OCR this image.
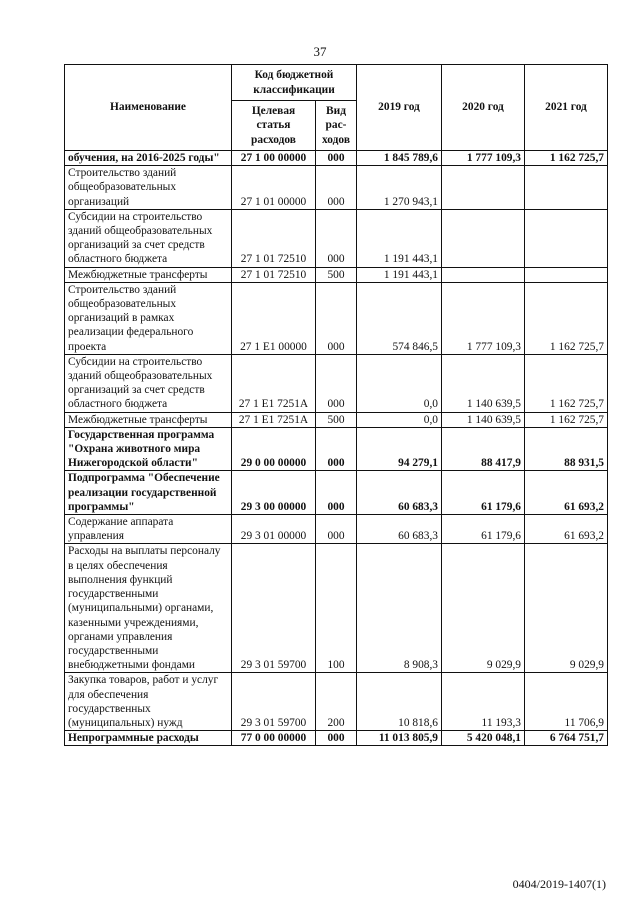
37
Наименование	Код бюджетной классификации		2019 год	2020 год	2021 год
	Целевая статья расходов	Вид рас-ходов			
обучения, на 2016-2025 годы"	27 1 00 00000	000	1 845 789,6	1 777 109,3	1 162 725,7
Строительство зданий общеобразовательных организаций	27 1 01 00000	000	1 270 943,1		
Субсидии на строительство зданий общеобразовательных организаций за счет средств областного бюджета	27 1 01 72510	000	1 191 443,1		
Межбюджетные трансферты	27 1 01 72510	500	1 191 443,1		
Строительство зданий общеобразовательных организаций в рамках реализации федерального проекта	27 1 E1 00000	000	574 846,5	1 777 109,3	1 162 725,7
Субсидии на строительство зданий общеобразовательных организаций за счет средств областного бюджета	27 1 E1 7251A	000	0,0	1 140 639,5	1 162 725,7
Межбюджетные трансферты	27 1 E1 7251A	500	0,0	1 140 639,5	1 162 725,7
Государственная программа "Охрана животного мира Нижегородской области"	29 0 00 00000	000	94 279,1	88 417,9	88 931,5
Подпрограмма "Обеспечение реализации государственной программы"	29 3 00 00000	000	60 683,3	61 179,6	61 693,2
Содержание аппарата управления	29 3 01 00000	000	60 683,3	61 179,6	61 693,2
Расходы на выплаты персоналу в целях обеспечения выполнения функций государственными (муниципальными) органами, казенными учреждениями, органами управления государственными внебюджетными фондами	29 3 01 59700	100	8 908,3	9 029,9	9 029,9
Закупка товаров, работ и услуг для обеспечения государственных (муниципальных) нужд	29 3 01 59700	200	10 818,6	11 193,3	11 706,9
Непрограммные расходы	77 0 00 00000	000	11 013 805,9	5 420 048,1	6 764 751,7
0404/2019-1407(1)
